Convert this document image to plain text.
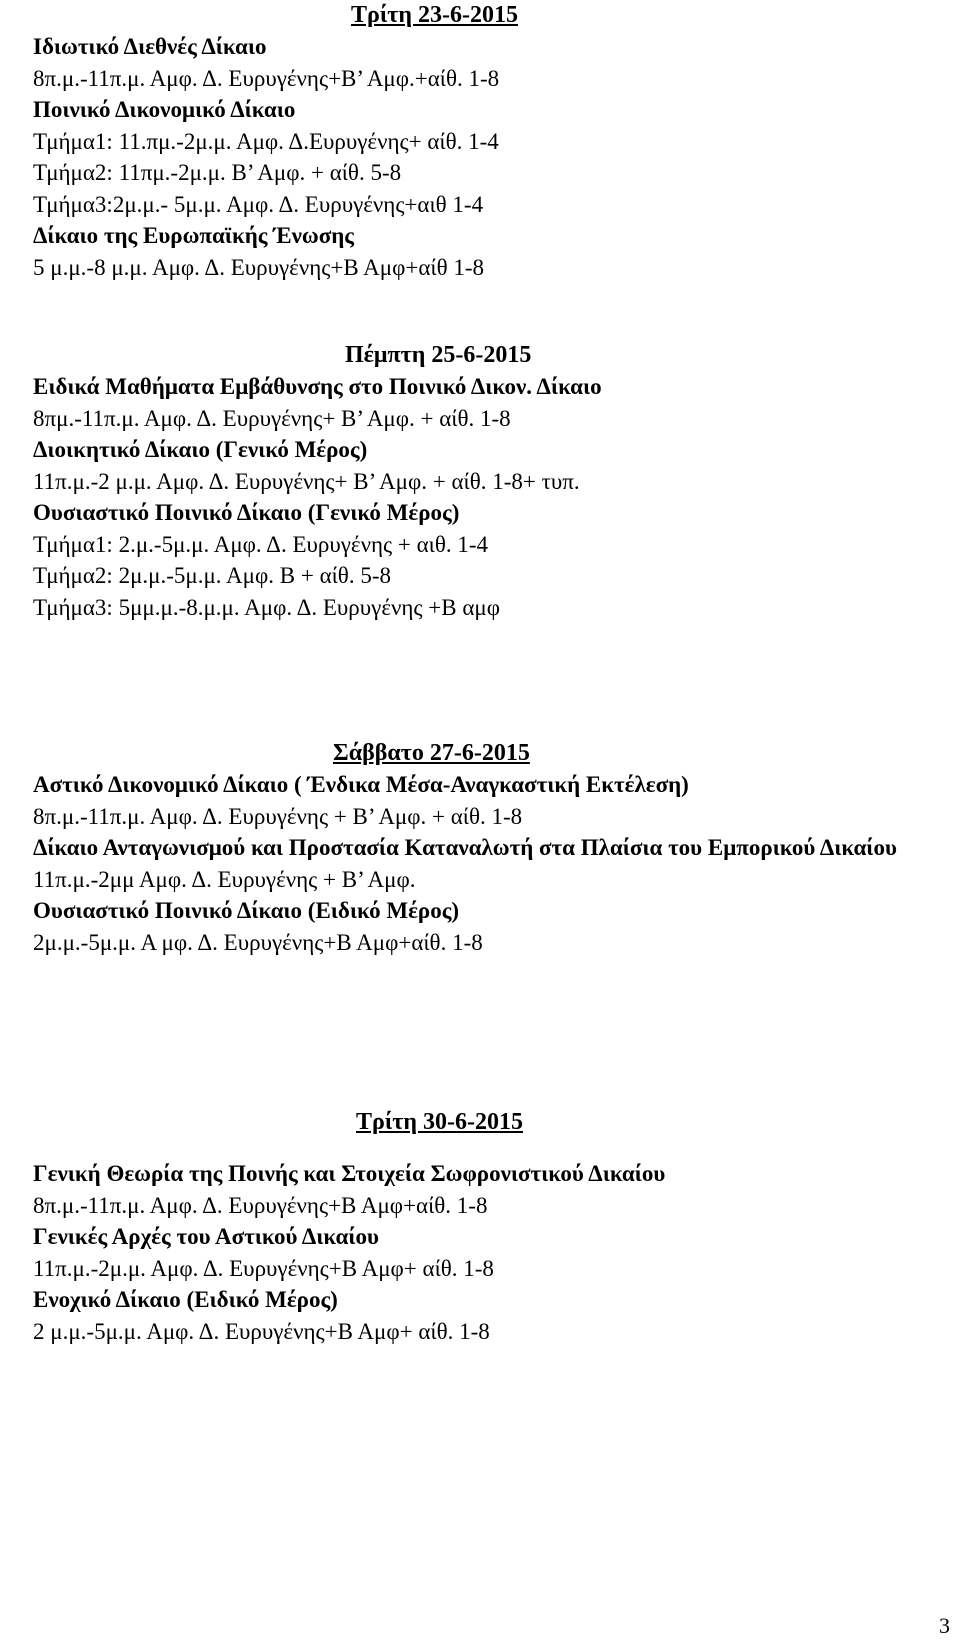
Τρίτη 23-6-2015
Ιδιωτικό Διεθνές Δίκαιο
8π.μ.-11π.μ. Αμφ. Δ. Ευρυγένης+Β’ Αμφ.+αίθ. 1-8
Ποινικό Δικονομικό Δίκαιο
Τμήμα1: 11.πμ.-2μ.μ. Αμφ. Δ.Ευρυγένης+ αίθ. 1-4
Τμήμα2: 11πμ.-2μ.μ. Β’ Αμφ. + αίθ. 5-8
Τμήμα3:2μ.μ.- 5μ.μ. Αμφ. Δ. Ευρυγένης+αιθ 1-4
Δίκαιο της Ευρωπαϊκής Ένωσης
5 μ.μ.-8 μ.μ. Αμφ. Δ. Ευρυγένης+Β Αμφ+αίθ 1-8
Πέμπτη 25-6-2015
Ειδικά Μαθήματα Εμβάθυνσης στο Ποινικό Δικον. Δίκαιο
8πμ.-11π.μ. Αμφ. Δ. Ευρυγένης+ Β’ Αμφ. + αίθ. 1-8
Διοικητικό Δίκαιο (Γενικό Μέρος)
11π.μ.-2 μ.μ. Αμφ. Δ. Ευρυγένης+ Β’ Αμφ. + αίθ. 1-8+ τυπ.
Ουσιαστικό Ποινικό Δίκαιο (Γενικό Μέρος)
Τμήμα1: 2.μ.-5μ.μ. Αμφ. Δ. Ευρυγένης + αιθ. 1-4
Τμήμα2: 2μ.μ.-5μ.μ. Αμφ. Β + αίθ. 5-8
Τμήμα3: 5μμ.μ.-8.μ.μ. Αμφ. Δ. Ευρυγένης +Β αμφ
Σάββατο 27-6-2015
Αστικό Δικονομικό Δίκαιο ( Ένδικα Μέσα-Αναγκαστική Εκτέλεση)
8π.μ.-11π.μ. Αμφ. Δ. Ευρυγένης + Β’ Αμφ. + αίθ. 1-8
Δίκαιο Ανταγωνισμού και Προστασία Καταναλωτή στα Πλαίσια του Εμπορικού Δικαίου
11π.μ.-2μμ Αμφ. Δ. Ευρυγένης + Β’ Αμφ.
Ουσιαστικό Ποινικό Δίκαιο (Ειδικό Μέρος)
2μ.μ.-5μ.μ. Α μφ. Δ. Ευρυγένης+Β Αμφ+αίθ. 1-8
Τρίτη 30-6-2015
Γενική Θεωρία της Ποινής και Στοιχεία Σωφρονιστικού Δικαίου
8π.μ.-11π.μ. Αμφ. Δ. Ευρυγένης+Β Αμφ+αίθ. 1-8
Γενικές Αρχές του Αστικού Δικαίου
11π.μ.-2μ.μ. Αμφ. Δ. Ευρυγένης+Β Αμφ+ αίθ. 1-8
Ενοχικό Δίκαιο (Ειδικό Μέρος)
2 μ.μ.-5μ.μ. Αμφ. Δ. Ευρυγένης+Β Αμφ+ αίθ. 1-8
3
